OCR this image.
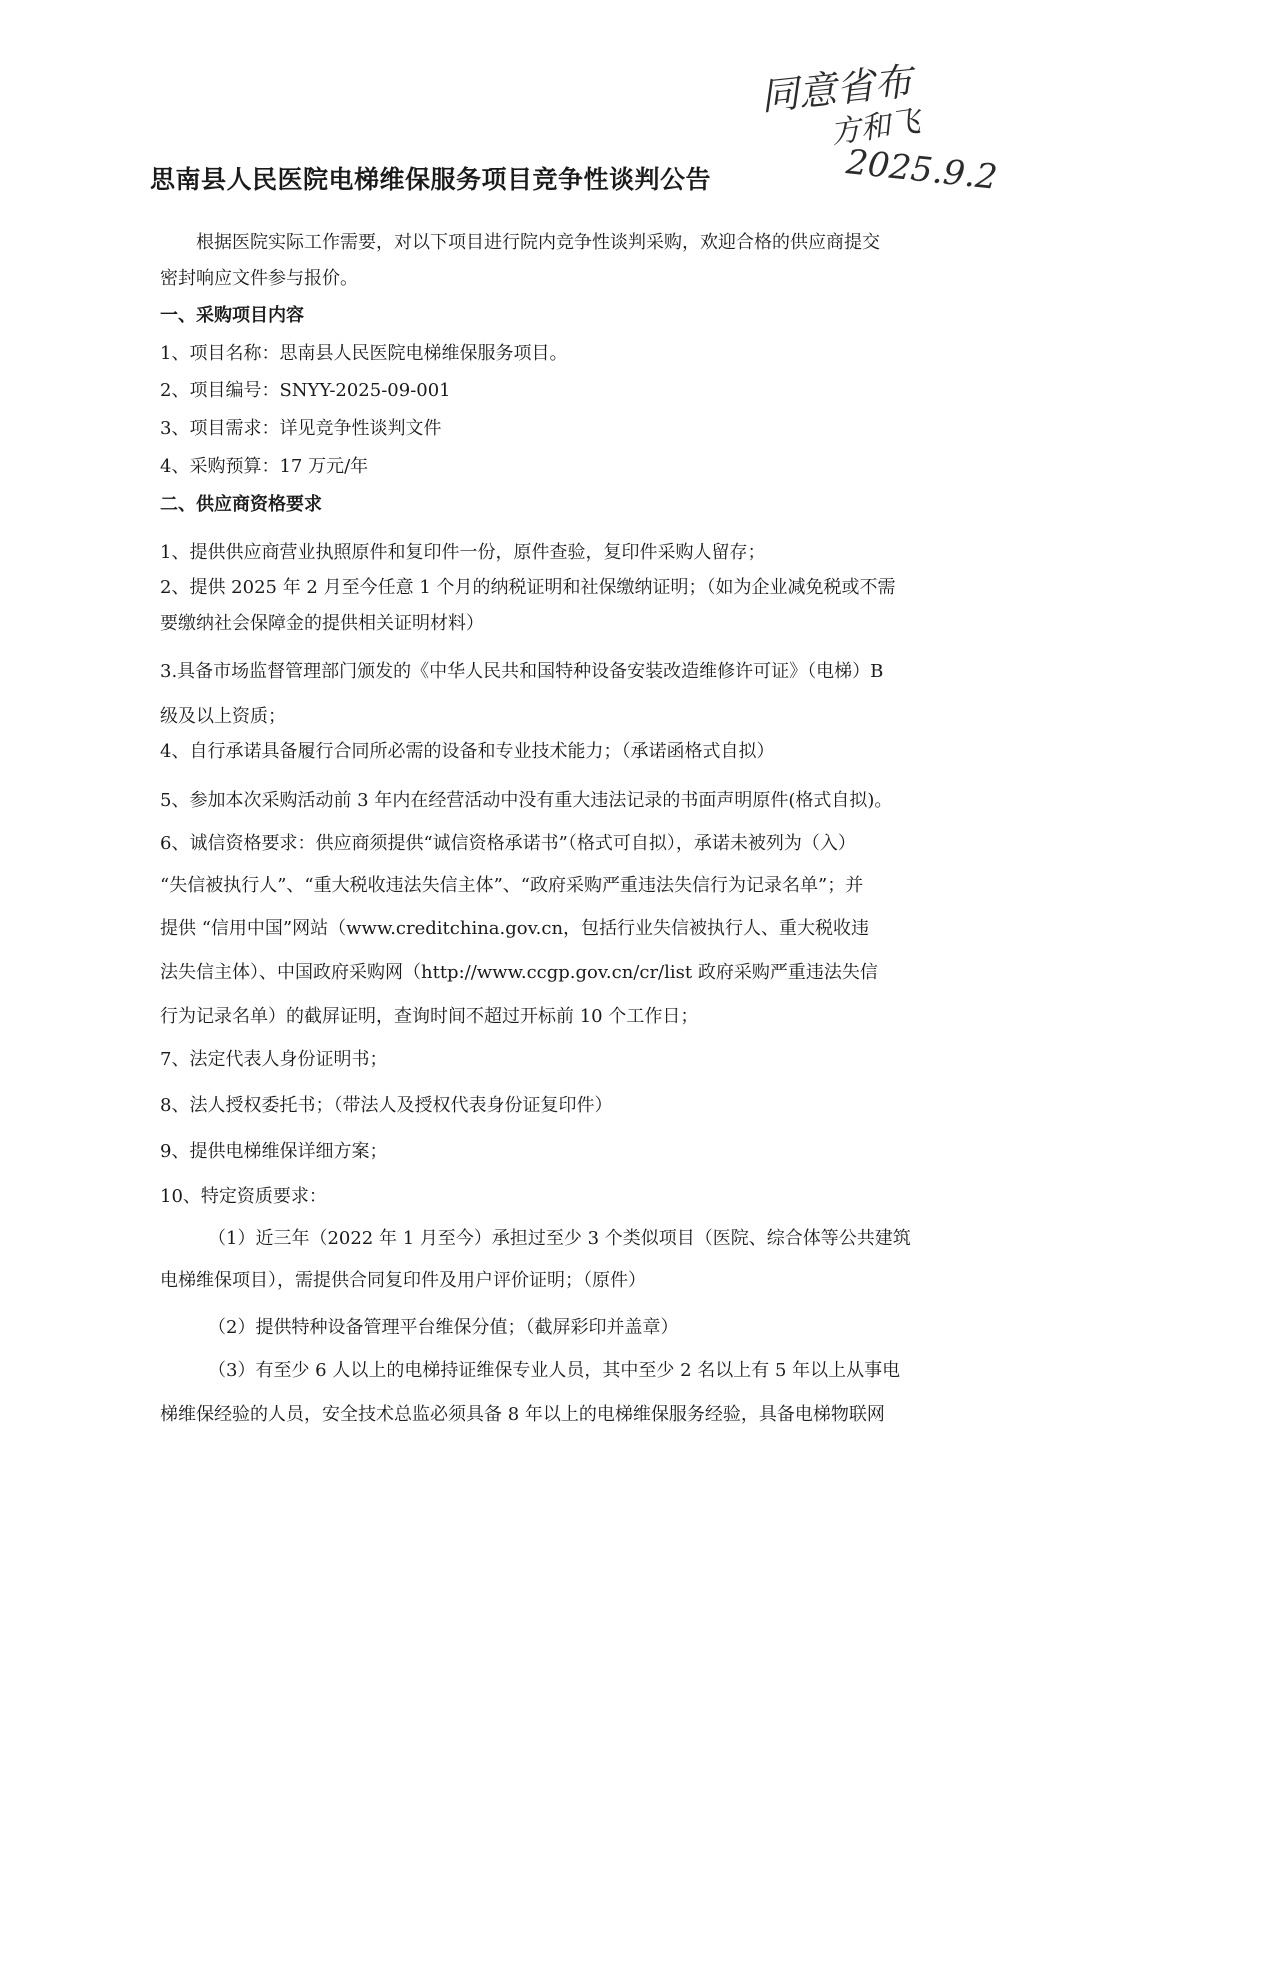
同意省布
方和飞
2025.9.2
思南县人民医院电梯维保服务项目竞争性谈判公告
根据医院实际工作需要，对以下项目进行院内竞争性谈判采购，欢迎合格的供应商提交
密封响应文件参与报价。
一、采购项目内容
1、项目名称：思南县人民医院电梯维保服务项目。
2、项目编号：SNYY-2025-09-001
3、项目需求：详见竞争性谈判文件
4、采购预算：17 万元/年
二、供应商资格要求
1、提供供应商营业执照原件和复印件一份，原件查验，复印件采购人留存；
2、提供 2025 年 2 月至今任意 1 个月的纳税证明和社保缴纳证明；（如为企业减免税或不需
要缴纳社会保障金的提供相关证明材料）
3.具备市场监督管理部门颁发的《中华人民共和国特种设备安装改造维修许可证》（电梯）B
级及以上资质；
4、自行承诺具备履行合同所必需的设备和专业技术能力；（承诺函格式自拟）
5、参加本次采购活动前 3 年内在经营活动中没有重大违法记录的书面声明原件(格式自拟)。
6、诚信资格要求：供应商须提供“诚信资格承诺书”（格式可自拟），承诺未被列为（入）
“失信被执行人”、“重大税收违法失信主体”、“政府采购严重违法失信行为记录名单”；并
提供 “信用中国”网站（www.creditchina.gov.cn，包括行业失信被执行人、重大税收违
法失信主体）、中国政府采购网（http://www.ccgp.gov.cn/cr/list 政府采购严重违法失信
行为记录名单）的截屏证明，查询时间不超过开标前 10 个工作日；
7、法定代表人身份证明书；
8、法人授权委托书；（带法人及授权代表身份证复印件）
9、提供电梯维保详细方案；
10、特定资质要求：
（1）近三年（2022 年 1 月至今）承担过至少 3 个类似项目（医院、综合体等公共建筑
电梯维保项目），需提供合同复印件及用户评价证明；（原件）
（2）提供特种设备管理平台维保分值；（截屏彩印并盖章）
（3）有至少 6 人以上的电梯持证维保专业人员，其中至少 2 名以上有 5 年以上从事电
梯维保经验的人员，安全技术总监必须具备 8 年以上的电梯维保服务经验，具备电梯物联网
